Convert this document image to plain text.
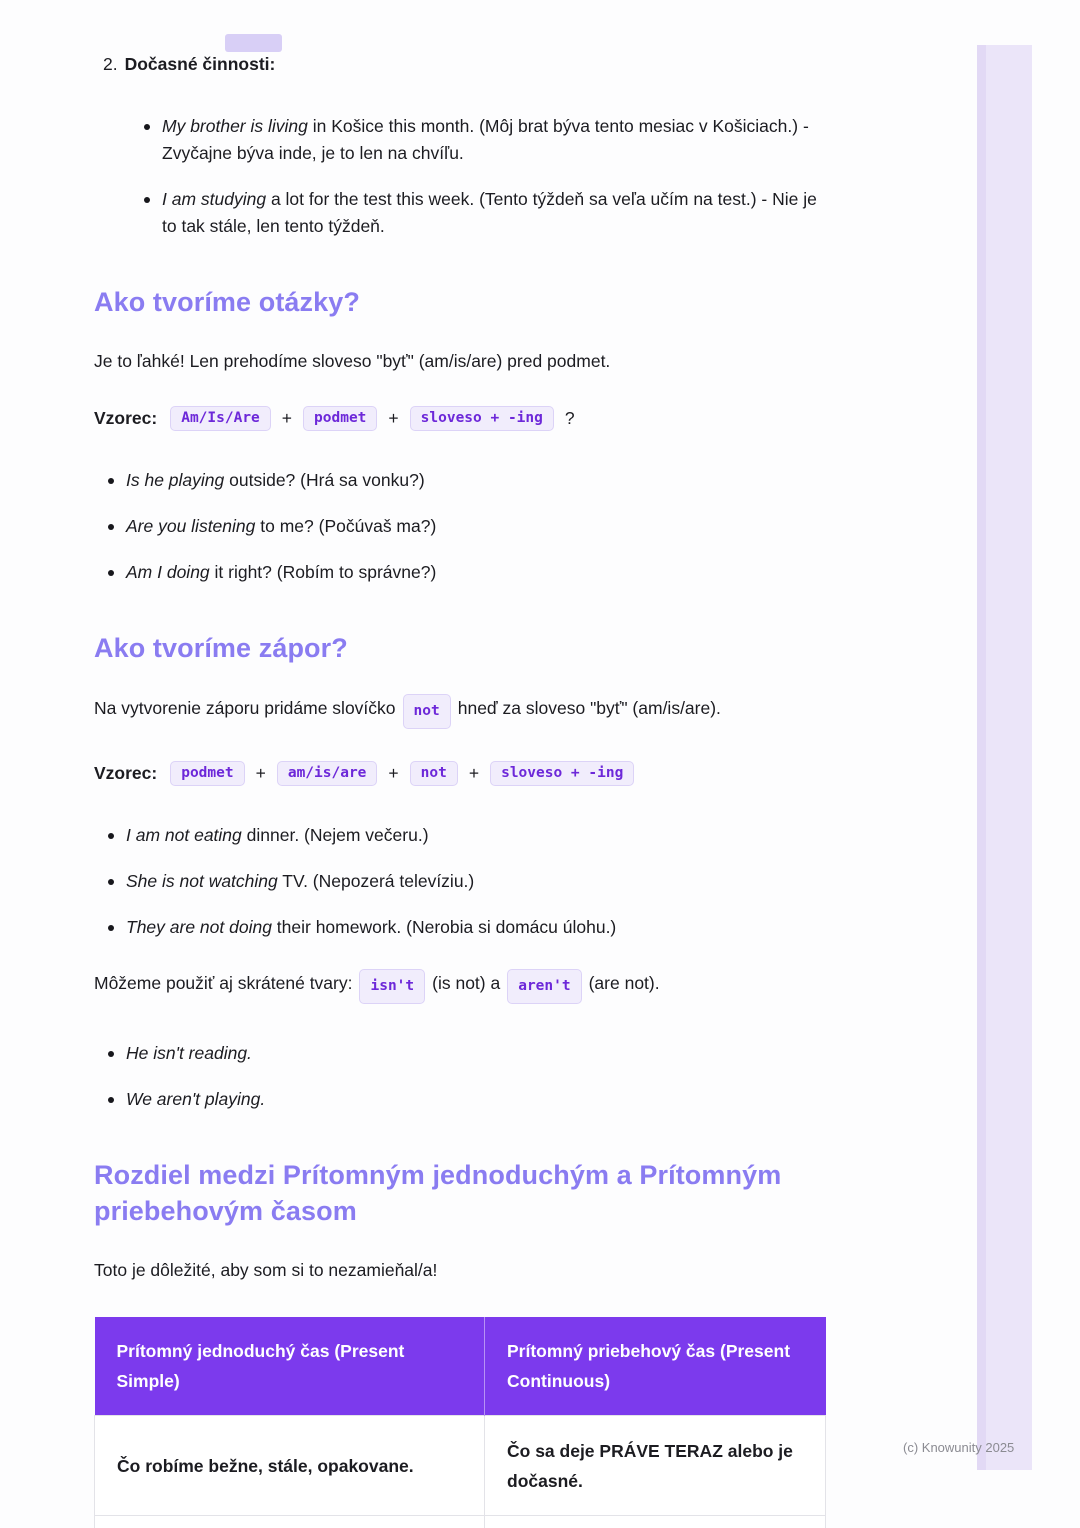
2. Dočasné činnosti:
My brother is living in Košice this month. (Môj brat býva tento mesiac v Košiciach.) - Zvyčajne býva inde, je to len na chvíľu.
I am studying a lot for the test this week. (Tento týždeň sa veľa učím na test.) - Nie je to tak stále, len tento týždeň.
Ako tvoríme otázky?

Je to ľahké! Len prehodíme sloveso "byť" (am/is/are) pred podmet.

Vzorec:	Am/Is/Are	+	podmet	+	sloveso + -ing	?
Is he playing outside? (Hrá sa vonku?)
Are you listening to me? (Počúvaš ma?)
Am I doing it right? (Robím to správne?)
Ako tvoríme zápor?

Na vytvorenie záporu pridáme slovíčko not hneď za sloveso "byť" (am/is/are).

Vzorec:	podmet	+	am/is/are	+	not	+	sloveso + -ing
I am not eating dinner. (Nejem večeru.)
She is not watching TV. (Nepozerá televíziu.)
They are not doing their homework. (Nerobia si domácu úlohu.)

Môžeme použiť aj skrátené tvary: isn't (is not) a aren't (are not).

He isn't reading.
We aren't playing.
Rozdiel medzi Prítomným jednoduchým a Prítomným priebehovým časom

Toto je dôležité, aby som si to nezamieňal/a!

Prítomný jednoduchý čas (Present Simple)	Prítomný priebehový čas (Present Continuous)
Čo robíme bežne, stále, opakovane.	Čo sa deje PRÁVE TERAZ alebo je dočasné.

(c) Knowunity 2025
